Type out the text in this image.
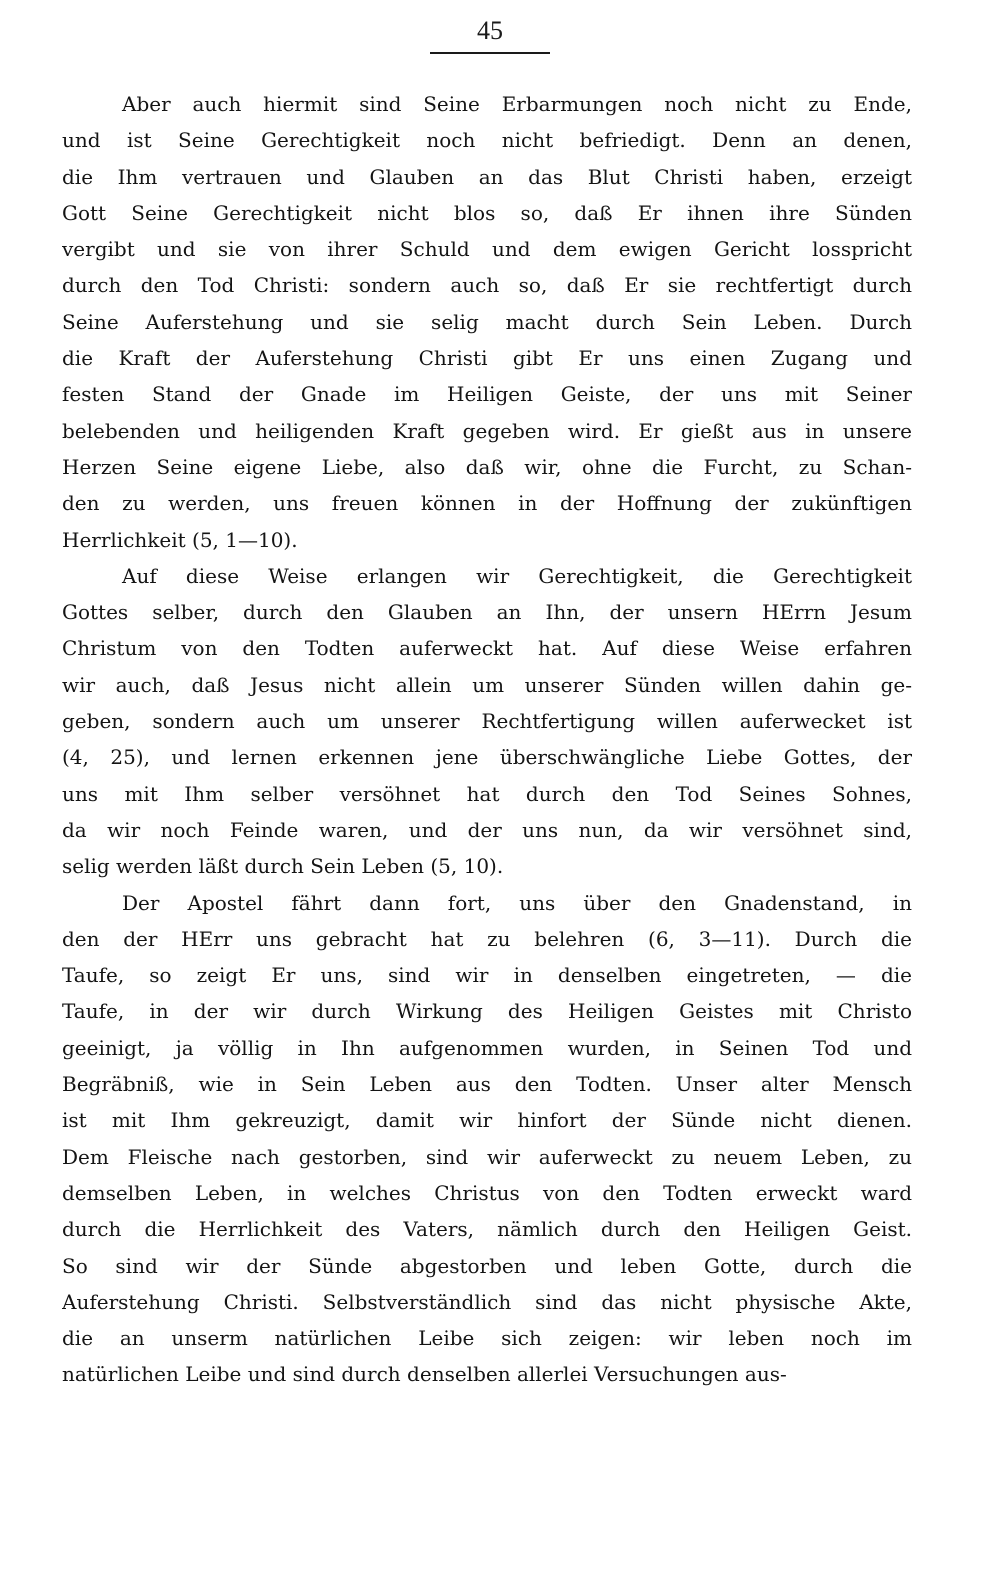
45
Aber auch hiermit sind Seine Erbarmungen noch nicht zu Ende,
und ist Seine Gerechtigkeit noch nicht befriedigt. Denn an denen,
die Ihm vertrauen und Glauben an das Blut Christi haben, erzeigt
Gott Seine Gerechtigkeit nicht blos so, daß Er ihnen ihre Sünden
vergibt und sie von ihrer Schuld und dem ewigen Gericht losspricht
durch den Tod Christi: sondern auch so, daß Er sie rechtfertigt durch
Seine Auferstehung und sie selig macht durch Sein Leben. Durch
die Kraft der Auferstehung Christi gibt Er uns einen Zugang und
festen Stand der Gnade im Heiligen Geiste, der uns mit Seiner
belebenden und heiligenden Kraft gegeben wird. Er gießt aus in unsere
Herzen Seine eigene Liebe, also daß wir, ohne die Furcht, zu Schan-
den zu werden, uns freuen können in der Hoffnung der zukünftigen
Herrlichkeit (5, 1—10).
Auf diese Weise erlangen wir Gerechtigkeit, die Gerechtigkeit
Gottes selber, durch den Glauben an Ihn, der unsern HErrn Jesum
Christum von den Todten auferweckt hat. Auf diese Weise erfahren
wir auch, daß Jesus nicht allein um unserer Sünden willen dahin ge-
geben, sondern auch um unserer Rechtfertigung willen auferwecket ist
(4, 25), und lernen erkennen jene überschwängliche Liebe Gottes, der
uns mit Ihm selber versöhnet hat durch den Tod Seines Sohnes,
da wir noch Feinde waren, und der uns nun, da wir versöhnet sind,
selig werden läßt durch Sein Leben (5, 10).
Der Apostel fährt dann fort, uns über den Gnadenstand, in
den der HErr uns gebracht hat zu belehren (6, 3—11). Durch die
Taufe, so zeigt Er uns, sind wir in denselben eingetreten, — die
Taufe, in der wir durch Wirkung des Heiligen Geistes mit Christo
geeinigt, ja völlig in Ihn aufgenommen wurden, in Seinen Tod und
Begräbniß, wie in Sein Leben aus den Todten. Unser alter Mensch
ist mit Ihm gekreuzigt, damit wir hinfort der Sünde nicht dienen.
Dem Fleische nach gestorben, sind wir auferweckt zu neuem Leben, zu
demselben Leben, in welches Christus von den Todten erweckt ward
durch die Herrlichkeit des Vaters, nämlich durch den Heiligen Geist.
So sind wir der Sünde abgestorben und leben Gotte, durch die
Auferstehung Christi. Selbstverständlich sind das nicht physische Akte,
die an unserm natürlichen Leibe sich zeigen: wir leben noch im
natürlichen Leibe und sind durch denselben allerlei Versuchungen aus-
